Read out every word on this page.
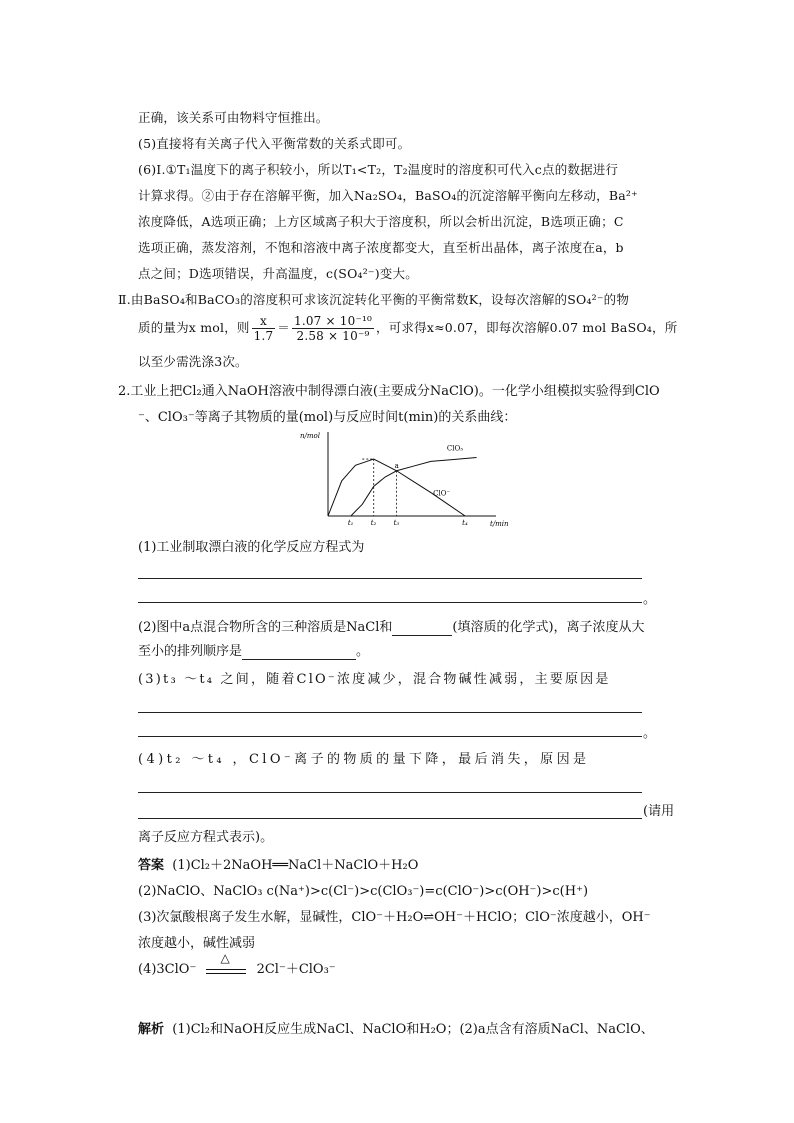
正确，该关系可由物料守恒推出。
(5)直接将有关离子代入平衡常数的关系式即可。
(6)Ⅰ.①T₁温度下的离子积较小，所以T₁<T₂，T₂温度时的溶度积可代入c点的数据进行
计算求得。②由于存在溶解平衡，加入Na₂SO₄，BaSO₄的沉淀溶解平衡向左移动，Ba²⁺
浓度降低，A选项正确；上方区域离子积大于溶度积，所以会析出沉淀，B选项正确；C
选项正确，蒸发溶剂，不饱和溶液中离子浓度都变大，直至析出晶体，离子浓度在a，b
点之间；D选项错误，升高温度，c(SO₄²⁻)变大。
Ⅱ.由BaSO₄和BaCO₃的溶度积可求该沉淀转化平衡的平衡常数K，设每次溶解的SO₄²⁻的物
质的量为x mol，则 $\frac{x}{1.7} = \frac{\text{1.07 × 10⁻¹⁰}}{\text{2.58 × 10⁻⁹}}$ ，可求得x≈0.07，即每次溶解0.07 mol BaSO₄，所
以至少需洗涤3次。
2.工业上把Cl₂通入NaOH溶液中制得漂白液(主要成分NaClO)。一化学小组模拟实验得到ClO
⁻、ClO₃⁻等离子其物质的量(mol)与反应时间t(min)的关系曲线：
n/mol
t/min
t₁ t₂ t₃	t₄
ClO₃
ClO⁻
a
(1)工业制取漂白液的化学反应方程式为
。
(2)图中a点混合物所含的三种溶质是NaCl和	(填溶质的化学式)，离子浓度从大
至小的排列顺序是	。
(3)t₃ ～t₄ 之间，随着ClO⁻浓度减少，混合物碱性减弱，主要原因是
。
(4)t₂ ～t₄ ，ClO⁻离子的物质的量下降，最后消失，原因是
(请用
离子反应方程式表示)。
答案 (1)Cl₂＋2NaOH══NaCl＋NaClO＋H₂O
(2)NaClO、NaClO₃ c(Na⁺)>c(Cl⁻)>c(ClO₃⁻)=c(ClO⁻)>c(OH⁻)>c(H⁺)
(3)次氯酸根离子发生水解，显碱性，ClO⁻＋H₂O⇌OH⁻＋HClO；ClO⁻浓度越小，OH⁻
浓度越小，碱性减弱
(4)3ClO⁻
△
2Cl⁻＋ClO₃⁻
解析 (1)Cl₂和NaOH反应生成NaCl、NaClO和H₂O；(2)a点含有溶质NaCl、NaClO、
